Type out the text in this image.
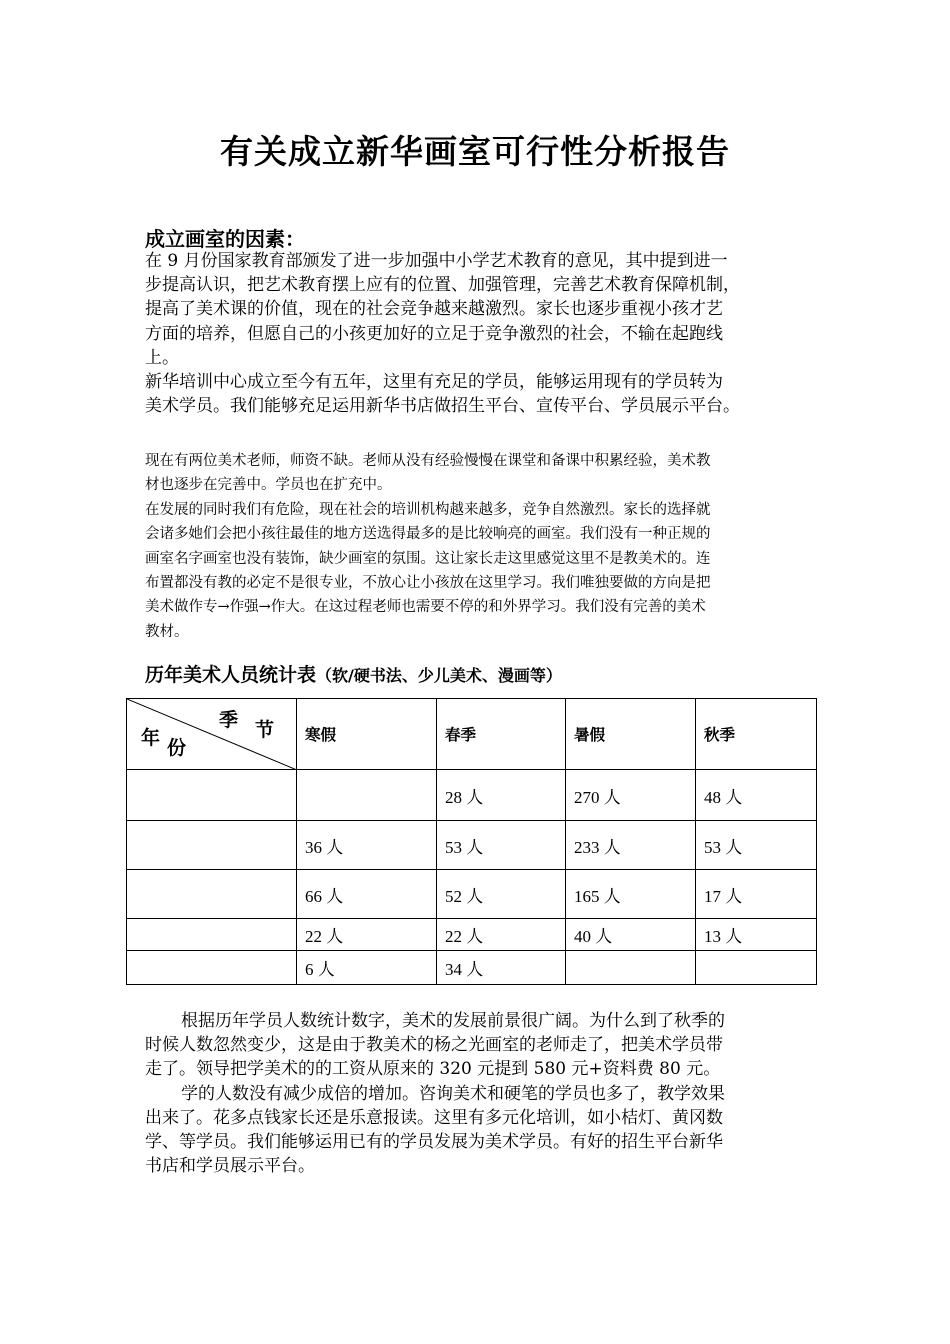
有关成立新华画室可行性分析报告
成立画室的因素：
在 9 月份国家教育部颁发了进一步加强中小学艺术教育的意见，其中提到进一
步提高认识，把艺术教育摆上应有的位置、加强管理，完善艺术教育保障机制，
提高了美术课的价值，现在的社会竞争越来越激烈。家长也逐步重视小孩才艺
方面的培养，但愿自己的小孩更加好的立足于竞争激烈的社会，不输在起跑线
上。
新华培训中心成立至今有五年，这里有充足的学员，能够运用现有的学员转为
美术学员。我们能够充足运用新华书店做招生平台、宣传平台、学员展示平台。
现在有两位美术老师，师资不缺。老师从没有经验慢慢在课堂和备课中积累经验，美术教
材也逐步在完善中。学员也在扩充中。
在发展的同时我们有危险，现在社会的培训机构越来越多，竞争自然激烈。家长的选择就
会诸多她们会把小孩往最佳的地方送选得最多的是比较响亮的画室。我们没有一种正规的
画室名字画室也没有装饰，缺少画室的氛围。这让家长走这里感觉这里不是教美术的。连
布置都没有教的必定不是很专业，不放心让小孩放在这里学习。我们唯独要做的方向是把
美术做作专→作强→作大。在这过程老师也需要不停的和外界学习。我们没有完善的美术
教材。
历年美术人员统计表（软/硬书法、少儿美术、漫画等）
季 节
年 份	寒假	春季	暑假	秋季
		28 人	270 人	48 人
	36 人	53 人	233 人	53 人
	66 人	52 人	165 人	17 人
	22 人	22 人	40 人	13 人
	6 人	34 人		
根据历年学员人数统计数字，美术的发展前景很广阔。为什么到了秋季的
时候人数忽然变少，这是由于教美术的杨之光画室的老师走了，把美术学员带
走了。领导把学美术的的工资从原来的 320 元提到 580 元+资料费 80 元。
学的人数没有减少成倍的增加。咨询美术和硬笔的学员也多了，教学效果
出来了。花多点钱家长还是乐意报读。这里有多元化培训，如小桔灯、黄冈数
学、等学员。我们能够运用已有的学员发展为美术学员。有好的招生平台新华
书店和学员展示平台。
